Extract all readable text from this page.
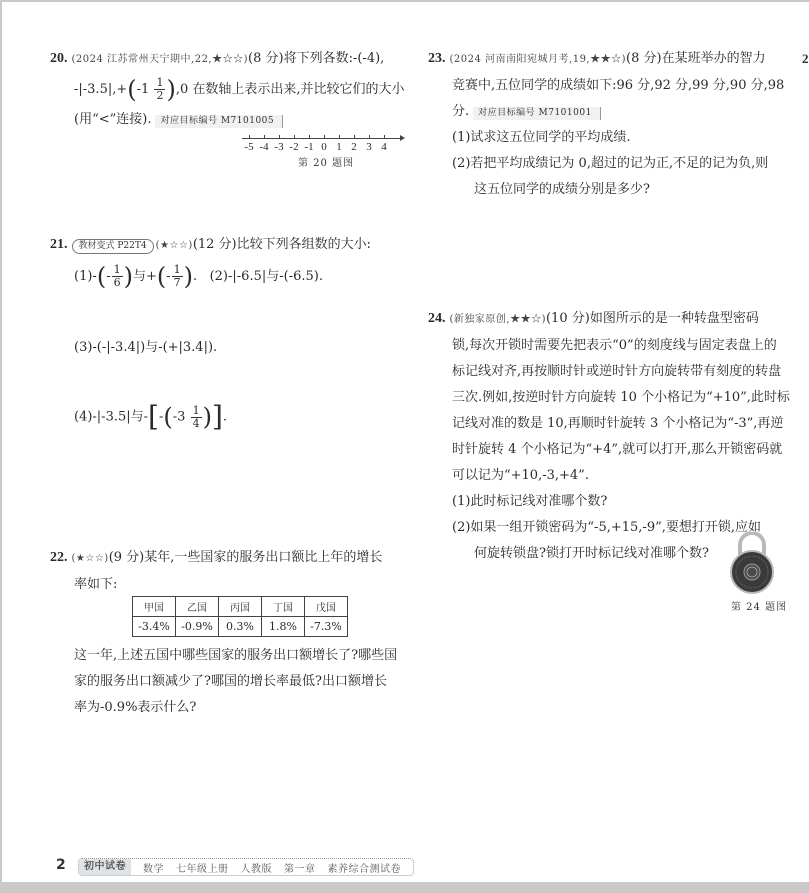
20. (2024 江苏常州天宁期中,22,★☆☆)(8 分)将下列各数:-(-4),
$-|-3.5|,+(-1 \frac{1}{2} ),0$ 在数轴上表示出来,并比较它们的大小
(用“<”连接). 对应目标编号 M7101005
-5 -4 -3 -2 -1 0 1 2 3 4
第 20 题图
21. 教材变式 P22T4 (★☆☆)(12 分)比较下列各组数的大小:
$(1)-(- \frac{1}{6}$ )与+(- $\frac{1}{7}$ ). (2)-|-6.5|与-(-6.5).
(3)-(-|-3.4|)与-(+|3.4|).
(4)-|-3.5|与$-[-(-3 \frac{1}{4}$ )].
22. (★☆☆)(9 分)某年,一些国家的服务出口额比上年的增长
率如下:
甲国	乙国	丙国	丁国	戊国
-3.4%	-0.9%	0.3%	1.8%	-7.3%
这一年,上述五国中哪些国家的服务出口额增长了?哪些国
家的服务出口额减少了?哪国的增长率最低?出口额增长
率为-0.9%表示什么?
23. (2024 河南南阳宛城月考,19,★★☆)(8 分)在某班举办的智力
竞赛中,五位同学的成绩如下:96 分,92 分,99 分,90 分,98
分. 对应目标编号 M7101001
(1)试求这五位同学的平均成绩.
(2)若把平均成绩记为 0,超过的记为正,不足的记为负,则
这五位同学的成绩分别是多少?
2
24. (新独家原创,★★☆)(10 分)如图所示的是一种转盘型密码
锁,每次开锁时需要先把表示“0”的刻度线与固定表盘上的
标记线对齐,再按顺时针或逆时针方向旋转带有刻度的转盘
三次.例如,按逆时针方向旋转 10 个小格记为“+10”,此时标
记线对准的数是 10,再顺时针旋转 3 个小格记为“-3”,再逆
时针旋转 4 个小格记为“+4”,就可以打开,那么开锁密码就
可以记为“+10,-3,+4”.
(1)此时标记线对准哪个数?
(2)如果一组开锁密码为“-5,+15,-9”,要想打开锁,应如
何旋转锁盘?锁打开时标记线对准哪个数?
第 24 题图
2	初中试卷	数学 七年级上册 人教版 第一章 素养综合测试卷
